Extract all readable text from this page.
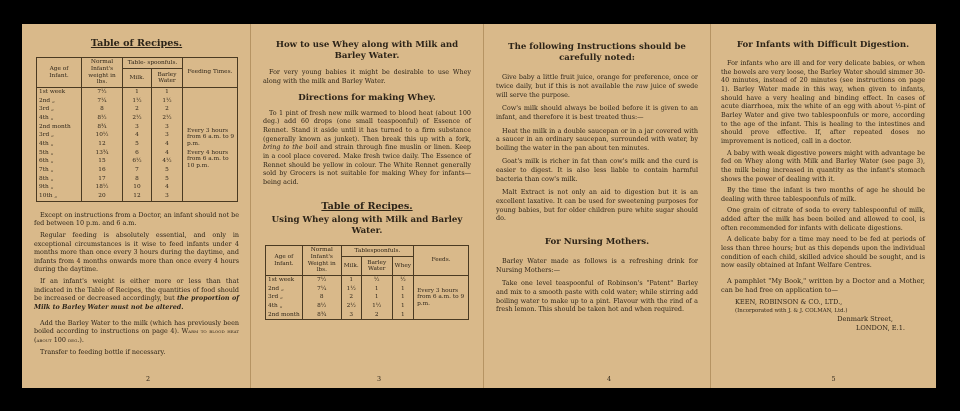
Table of Recipes.
Age of Infant.	Normal Infant's weight in lbs.	Table- spoonfuls.		Feeding Times.
		Milk.	Barley Water	
1st week	7½	1	1	Every 3 hours from 6 a.m. to 9 p.m.
2nd „	7¼	1½	1½	
3rd „	8	2	2	
4th „	8½	2½	2½	
2nd month	8¾	3	3	
3rd „	10½	4	3	
4th „	12	5	4	
5th „	13¾	6	4	Every 4 hours from 6 a.m. to 10 p.m.
6th „	15	6½	4½	
7th „	16	7	5	
8th „	17	8	5	
9th „	18½	10	4	
10th „	20	12	3	

Except on instructions from a Doctor, an infant should not be fed between 10 p.m. and 6 a.m.

Regular feeding is absolutely essential, and only in exceptional circumstances is it wise to feed infants under 4 months more than once every 3 hours during the daytime, and infants from 4 months onwards more than once every 4 hours during the daytime.

If an infant's weight is either more or less than that indicated in the Table of Recipes, the quantities of food should be increased or decreased accordingly, but the proportion of Milk to Barley Water must not be altered.

Add the Barley Water to the milk (which has previously been boiled according to instructions on page 4). Warm to blood heat (about 100 deg.).

Transfer to feeding bottle if necessary.

2
How to use Whey along with Milk and Barley Water.

For very young babies it might be desirable to use Whey along with the milk and Barley Water.

Directions for making Whey.

To 1 pint of fresh new milk warmed to blood heat (about 100 deg.) add 60 drops (one small teaspoonful) of Essence of Rennet. Stand it aside until it has turned to a firm substance (generally known as junket). Then break this up with a fork, bring to the boil and strain through fine muslin or linen. Keep in a cool place covered. Make fresh twice daily. The Essence of Rennet should be yellow in colour. The White Rennet generally sold by Grocers is not suitable for making Whey for infants—being acid.

Table of Recipes.
Using Whey along with Milk and Barley Water.
Age of Infant.	Normal Infant's Weight in lbs.	Tablespoonfuls.			Feeds.
		Milk.	Barley Water	Whey	
1st week	7½	1	½	½	Every 3 hours from 6 a.m. to 9 p.m.
2nd „	7¼	1½	1	1	
3rd „	8	2	1	1	
4th „	8½	2½	1½	1	
2nd month	8¾	3	2	1	
3
The following Instructions should be carefully noted:

Give baby a little fruit juice, orange for preference, once or twice daily, but if this is not available the raw juice of swede will serve the purpose.

Cow's milk should always be boiled before it is given to an infant, and therefore it is best treated thus:—

Heat the milk in a double saucepan or in a jar covered with a saucer in an ordinary saucepan, surrounded with water, by boiling the water in the pan about ten minutes.

Goat's milk is richer in fat than cow's milk and the curd is easier to digest. It is also less liable to contain harmful bacteria than cow's milk.

Malt Extract is not only an aid to digestion but it is an excellent laxative. It can be used for sweetening purposes for young babies, but for older children pure white sugar should do.

For Nursing Mothers.

Barley Water made as follows is a refreshing drink for Nursing Mothers:—

Take one level teaspoonful of Robinson's "Patent" Barley and mix to a smooth paste with cold water; while stirring add boiling water to make up to a pint. Flavour with the rind of a fresh lemon. This should be taken hot and when required.

4
For Infants with Difficult Digestion.

For infants who are ill and for very delicate babies, or when the bowels are very loose, the Barley Water should simmer 30-40 minutes, instead of 20 minutes (see instructions on page 1). Barley Water made in this way, when given to infants, should have a very healing and binding effect. In cases of acute diarrhoea, mix the white of an egg with about ½-pint of Barley Water and give two tablespoonfuls or more, according to the age of the infant. This is healing to the intestines and should prove effective. If, after repeated doses no improvement is noticed, call in a doctor.

A baby with weak digestive powers might with advantage be fed on Whey along with Milk and Barley Water (see page 3), the milk being increased in quantity as the infant's stomach shows the power of dealing with it.

By the time the infant is two months of age he should be dealing with three tablespoonfuls of milk.

One grain of citrate of soda to every tablespoonful of milk, added after the milk has been boiled and allowed to cool, is often recommended for infants with delicate digestions.

A delicate baby for a time may need to be fed at periods of less than three hours; but as this depends upon the individual condition of each child, skilled advice should be sought, and is now easily obtained at Infant Welfare Centres.

A pamphlet "My Book," written by a Doctor and a Mother, can be had free on application to—

KEEN, ROBINSON & CO., LTD.,
(Incorporated with J. & J. COLMAN, Ltd.)
Denmark Street,
LONDON, E.1.
5
